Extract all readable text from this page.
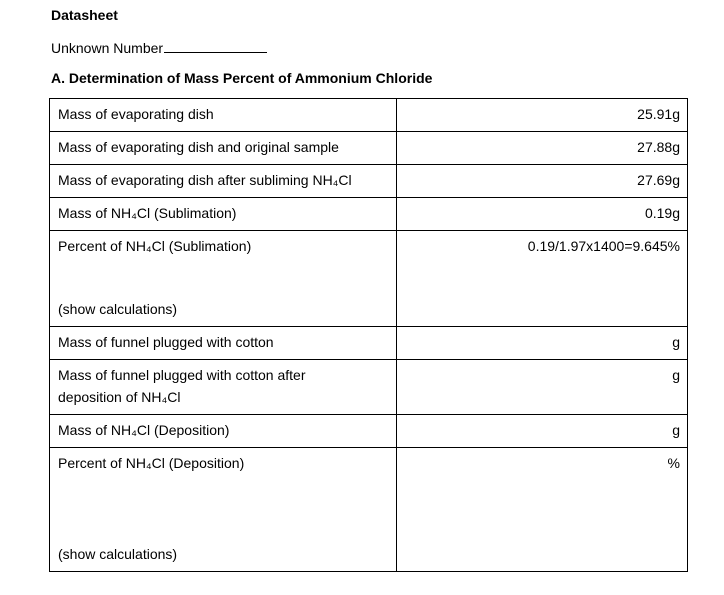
Datasheet
Unknown Number
A. Determination of Mass Percent of Ammonium Chloride
Mass of evaporating dish	25.91g
Mass of evaporating dish and original sample	27.88g
Mass of evaporating dish after subliming NH₄Cl	27.69g
Mass of NH₄Cl (Sublimation)	0.19g

Percent of NH₄Cl (Sublimation)
(show calculations)	0.19/1.97x1400=9.645%
Mass of funnel plugged with cotton	g

Mass of funnel plugged with cotton after
deposition of NH₄Cl	g
Mass of NH₄Cl (Deposition)	g

Percent of NH₄Cl (Deposition)
(show calculations)	%
